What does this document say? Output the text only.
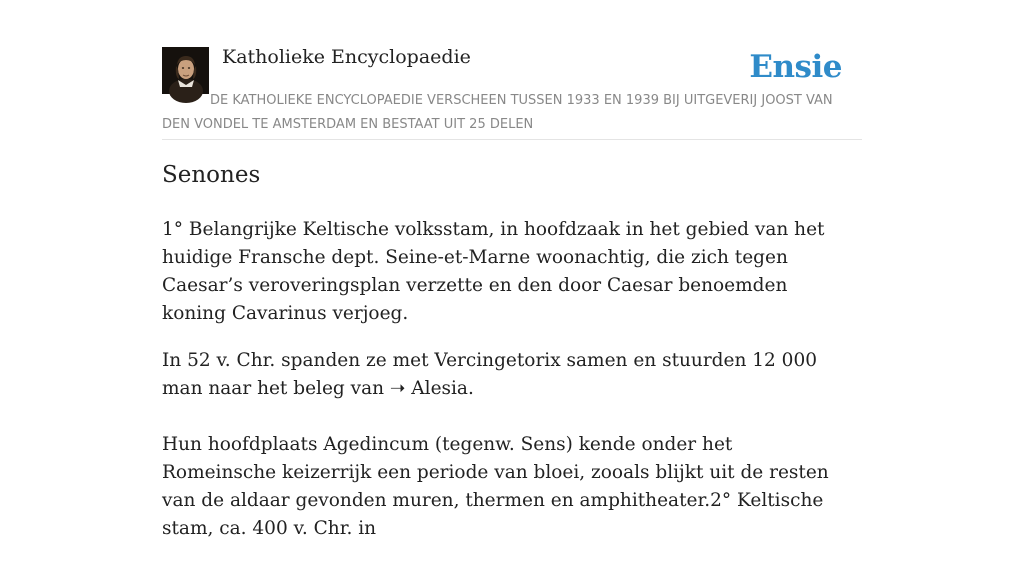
Katholieke Encyclopaedie	Ensie
DE KATHOLIEKE ENCYCLOPAEDIE VERSCHEEN TUSSEN 1933 EN 1939 BIJ UITGEVERIJ JOOST VAN DEN VONDEL TE AMSTERDAM EN BESTAAT UIT 25 DELEN
Senones

1° Belangrijke Keltische volksstam, in hoofdzaak in het gebied van het huidige Fransche dept. Seine-et-Marne woonachtig, die zich tegen Caesar’s veroveringsplan verzette en den door Caesar benoemden koning Cavarinus verjoeg.

In 52 v. Chr. spanden ze met Vercingetorix samen en stuurden 12 000 man naar het beleg van ➝ Alesia.

Hun hoofdplaats Agedincum (tegenw. Sens) kende onder het Romeinsche keizerrijk een periode van bloei, zooals blijkt uit de resten van de aldaar gevonden muren, thermen en amphitheater.2° Keltische stam, ca. 400 v. Chr. in
